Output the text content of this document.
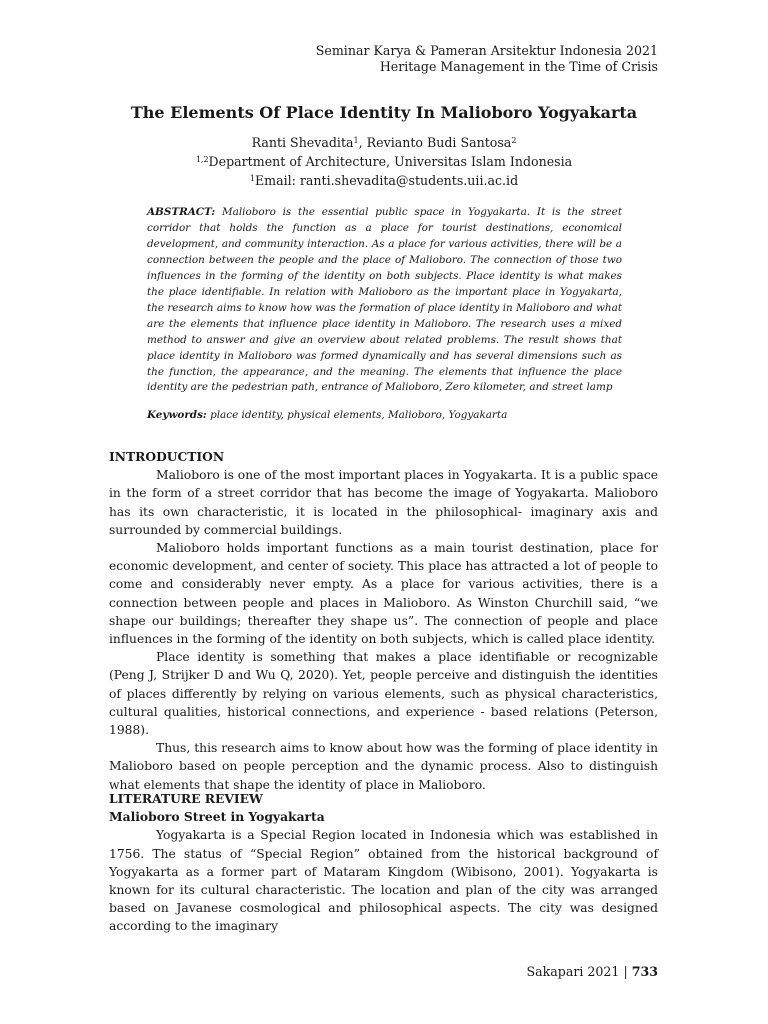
Seminar Karya & Pameran Arsitektur Indonesia 2021
Heritage Management in the Time of Crisis
The Elements Of Place Identity In Malioboro Yogyakarta
Ranti Shevadita$^1$, Revianto Budi Santosa$^2$
$^{1,2}$Department of Architecture, Universitas Islam Indonesia
$^1$Email: ranti.shevadita@students.uii.ac.id

ABSTRACT: Malioboro is the essential public space in Yogyakarta. It is the street corridor that holds the function as a place for tourist destinations, economical development, and community interaction. As a place for various activities, there will be a connection between the people and the place of Malioboro. The connection of those two influences in the forming of the identity on both subjects. Place identity is what makes the place identifiable. In relation with Malioboro as the important place in Yogyakarta, the research aims to know how was the formation of place identity in Malioboro and what are the elements that influence place identity in Malioboro. The research uses a mixed method to answer and give an overview about related problems. The result shows that place identity in Malioboro was formed dynamically and has several dimensions such as the function, the appearance, and the meaning. The elements that influence the place identity are the pedestrian path, entrance of Malioboro, Zero kilometer, and street lamp

Keywords: place identity, physical elements, Malioboro, Yogyakarta

INTRODUCTION

Malioboro is one of the most important places in Yogyakarta. It is a public space in the form of a street corridor that has become the image of Yogyakarta. Malioboro has its own characteristic, it is located in the philosophical- imaginary axis and surrounded by commercial buildings.

Malioboro holds important functions as a main tourist destination, place for economic development, and center of society. This place has attracted a lot of people to come and considerably never empty. As a place for various activities, there is a connection between people and places in Malioboro. As Winston Churchill said, “we shape our buildings; thereafter they shape us”. The connection of people and place influences in the forming of the identity on both subjects, which is called place identity.

Place identity is something that makes a place identifiable or recognizable (Peng J, Strijker D and Wu Q, 2020). Yet, people perceive and distinguish the identities of places differently by relying on various elements, such as physical characteristics, cultural qualities, historical connections, and experience - based relations (Peterson, 1988).

Thus, this research aims to know about how was the forming of place identity in Malioboro based on people perception and the dynamic process. Also to distinguish what elements that shape the identity of place in Malioboro.

LITERATURE REVIEW

Malioboro Street in Yogyakarta

Yogyakarta is a Special Region located in Indonesia which was established in 1756. The status of “Special Region” obtained from the historical background of Yogyakarta as a former part of Mataram Kingdom (Wibisono, 2001). Yogyakarta is known for its cultural characteristic. The location and plan of the city was arranged based on Javanese cosmological and philosophical aspects. The city was designed according to the imaginary

Sakapari 2021 | 733
